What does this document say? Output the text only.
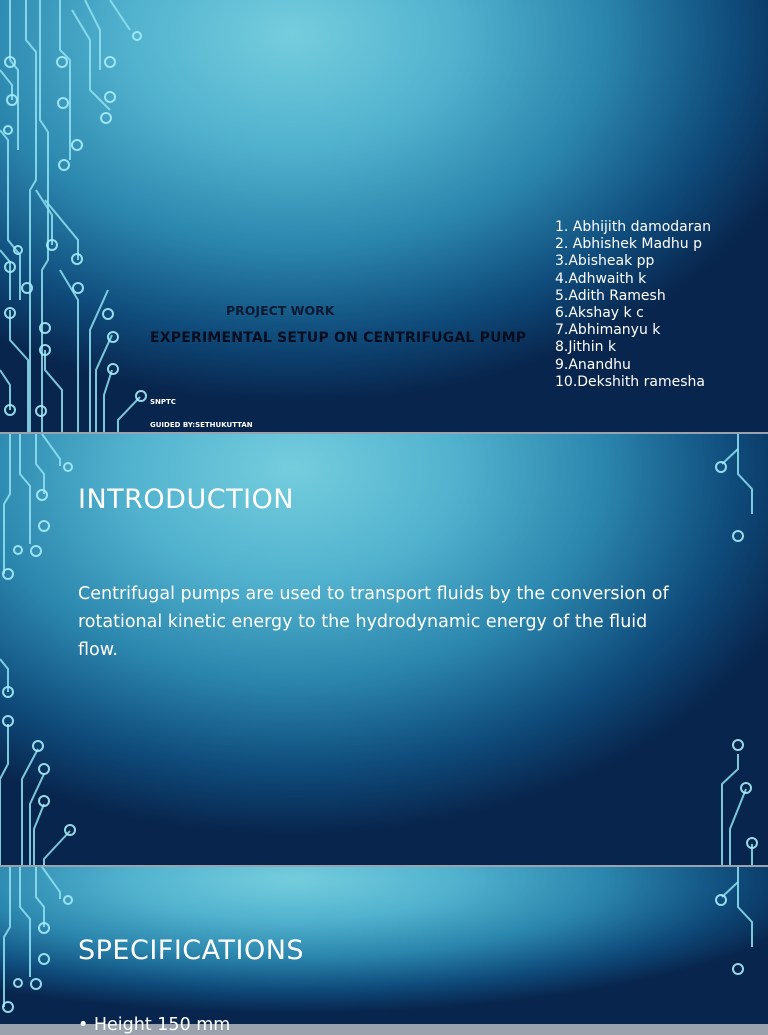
PROJECT WORK
EXPERIMENTAL SETUP ON CENTRIFUGAL PUMP
SNPTC
GUIDED BY:SETHUKUTTAN
1. Abhijith damodaran
2. Abhishek Madhu p
3.Abisheak pp
4.Adhwaith k
5.Adith Ramesh
6.Akshay k c
7.Abhimanyu k
8.Jithin k
9.Anandhu
10.Dekshith ramesha
INTRODUCTION
Centrifugal pumps are used to transport fluids by the conversion of rotational kinetic energy to the hydrodynamic energy of the fluid flow.
SPECIFICATIONS
• Height 150 mm
